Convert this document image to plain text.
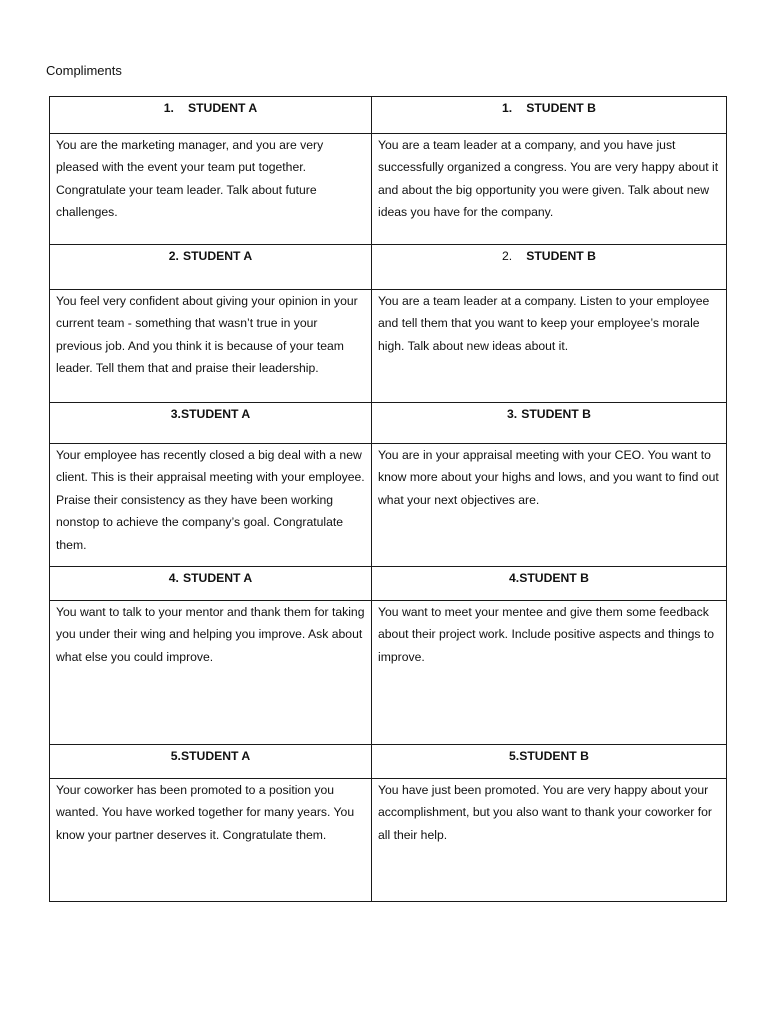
Compliments
1. STUDENT A	1. STUDENT B
You are the marketing manager, and you are very pleased with the event your team put together. Congratulate your team leader. Talk about future challenges.	You are a team leader at a company, and you have just successfully organized a congress. You are very happy about it and about the big opportunity you were given. Talk about new ideas you have for the company.
2. STUDENT A	2. STUDENT B
You feel very confident about giving your opinion in your current team - something that wasn’t true in your previous job. And you think it is because of your team leader. Tell them that and praise their leadership.	You are a team leader at a company. Listen to your employee and tell them that you want to keep your employee’s morale high. Talk about new ideas about it.
3.STUDENT A	3. STUDENT B
Your employee has recently closed a big deal with a new client. This is their appraisal meeting with your employee. Praise their consistency as they have been working nonstop to achieve the company’s goal. Congratulate them.	You are in your appraisal meeting with your CEO. You want to know more about your highs and lows, and you want to find out what your next objectives are.
4. STUDENT A	4.STUDENT B
You want to talk to your mentor and thank them for taking you under their wing and helping you improve. Ask about what else you could improve.	You want to meet your mentee and give them some feedback about their project work. Include positive aspects and things to improve.
5.STUDENT A	5.STUDENT B
Your coworker has been promoted to a position you wanted. You have worked together for many years. You know your partner deserves it. Congratulate them.	You have just been promoted. You are very happy about your accomplishment, but you also want to thank your coworker for all their help.
